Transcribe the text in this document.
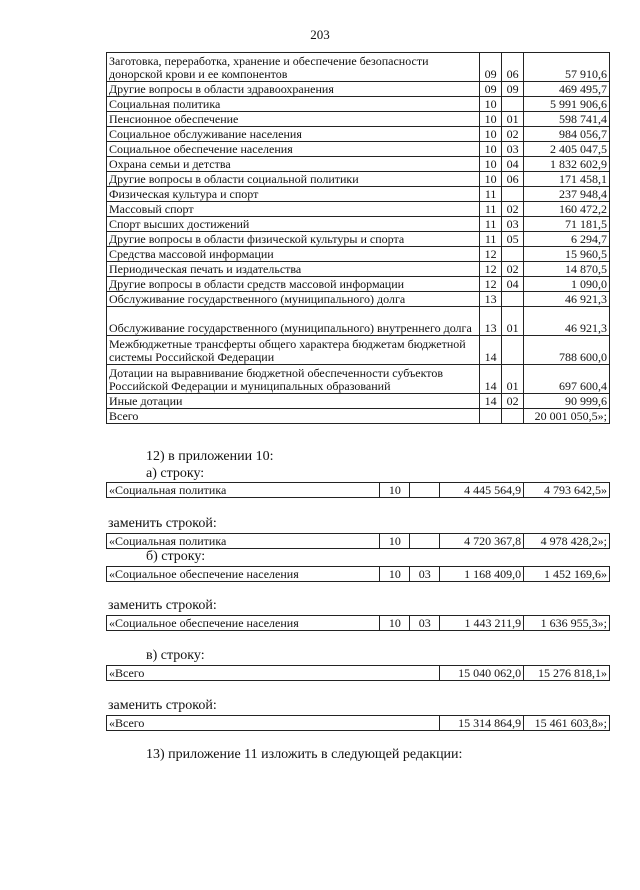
203
Заготовка, переработка, хранение и обеспечение безопасности донорской крови и ее компонентов	09	06	57 910,6
Другие вопросы в области здравоохранения	09	09	469 495,7
Социальная политика	10		5 991 906,6
Пенсионное обеспечение	10	01	598 741,4
Социальное обслуживание населения	10	02	984 056,7
Социальное обеспечение населения	10	03	2 405 047,5
Охрана семьи и детства	10	04	1 832 602,9
Другие вопросы в области социальной политики	10	06	171 458,1
Физическая культура и спорт	11		237 948,4
Массовый спорт	11	02	160 472,2
Спорт высших достижений	11	03	71 181,5
Другие вопросы в области физической культуры и спорта	11	05	6 294,7
Средства массовой информации	12		15 960,5
Периодическая печать и издательства	12	02	14 870,5
Другие вопросы в области средств массовой информации	12	04	1 090,0
Обслуживание государственного (муниципального) долга	13		46 921,3
Обслуживание государственного (муниципального) внутреннего долга	13	01	46 921,3
Межбюджетные трансферты общего характера бюджетам бюджетной системы Российской Федерации	14		788 600,0
Дотации на выравнивание бюджетной обеспеченности субъектов Российской Федерации и муниципальных образований	14	01	697 600,4
Иные дотации	14	02	90 999,6
Всего			20 001 050,5»;
12) в приложении 10:
а) строку:
«Социальная политика	10		4 445 564,9	4 793 642,5»
заменить строкой:
«Социальная политика	10		4 720 367,8	4 978 428,2»;
б) строку:
«Социальное обеспечение населения	10	03	1 168 409,0	1 452 169,6»
заменить строкой:
«Социальное обеспечение населения	10	03	1 443 211,9	1 636 955,3»;
в) строку:
«Всего	15 040 062,0	15 276 818,1»
заменить строкой:
«Всего	15 314 864,9	15 461 603,8»;
13) приложение 11 изложить в следующей редакции:
